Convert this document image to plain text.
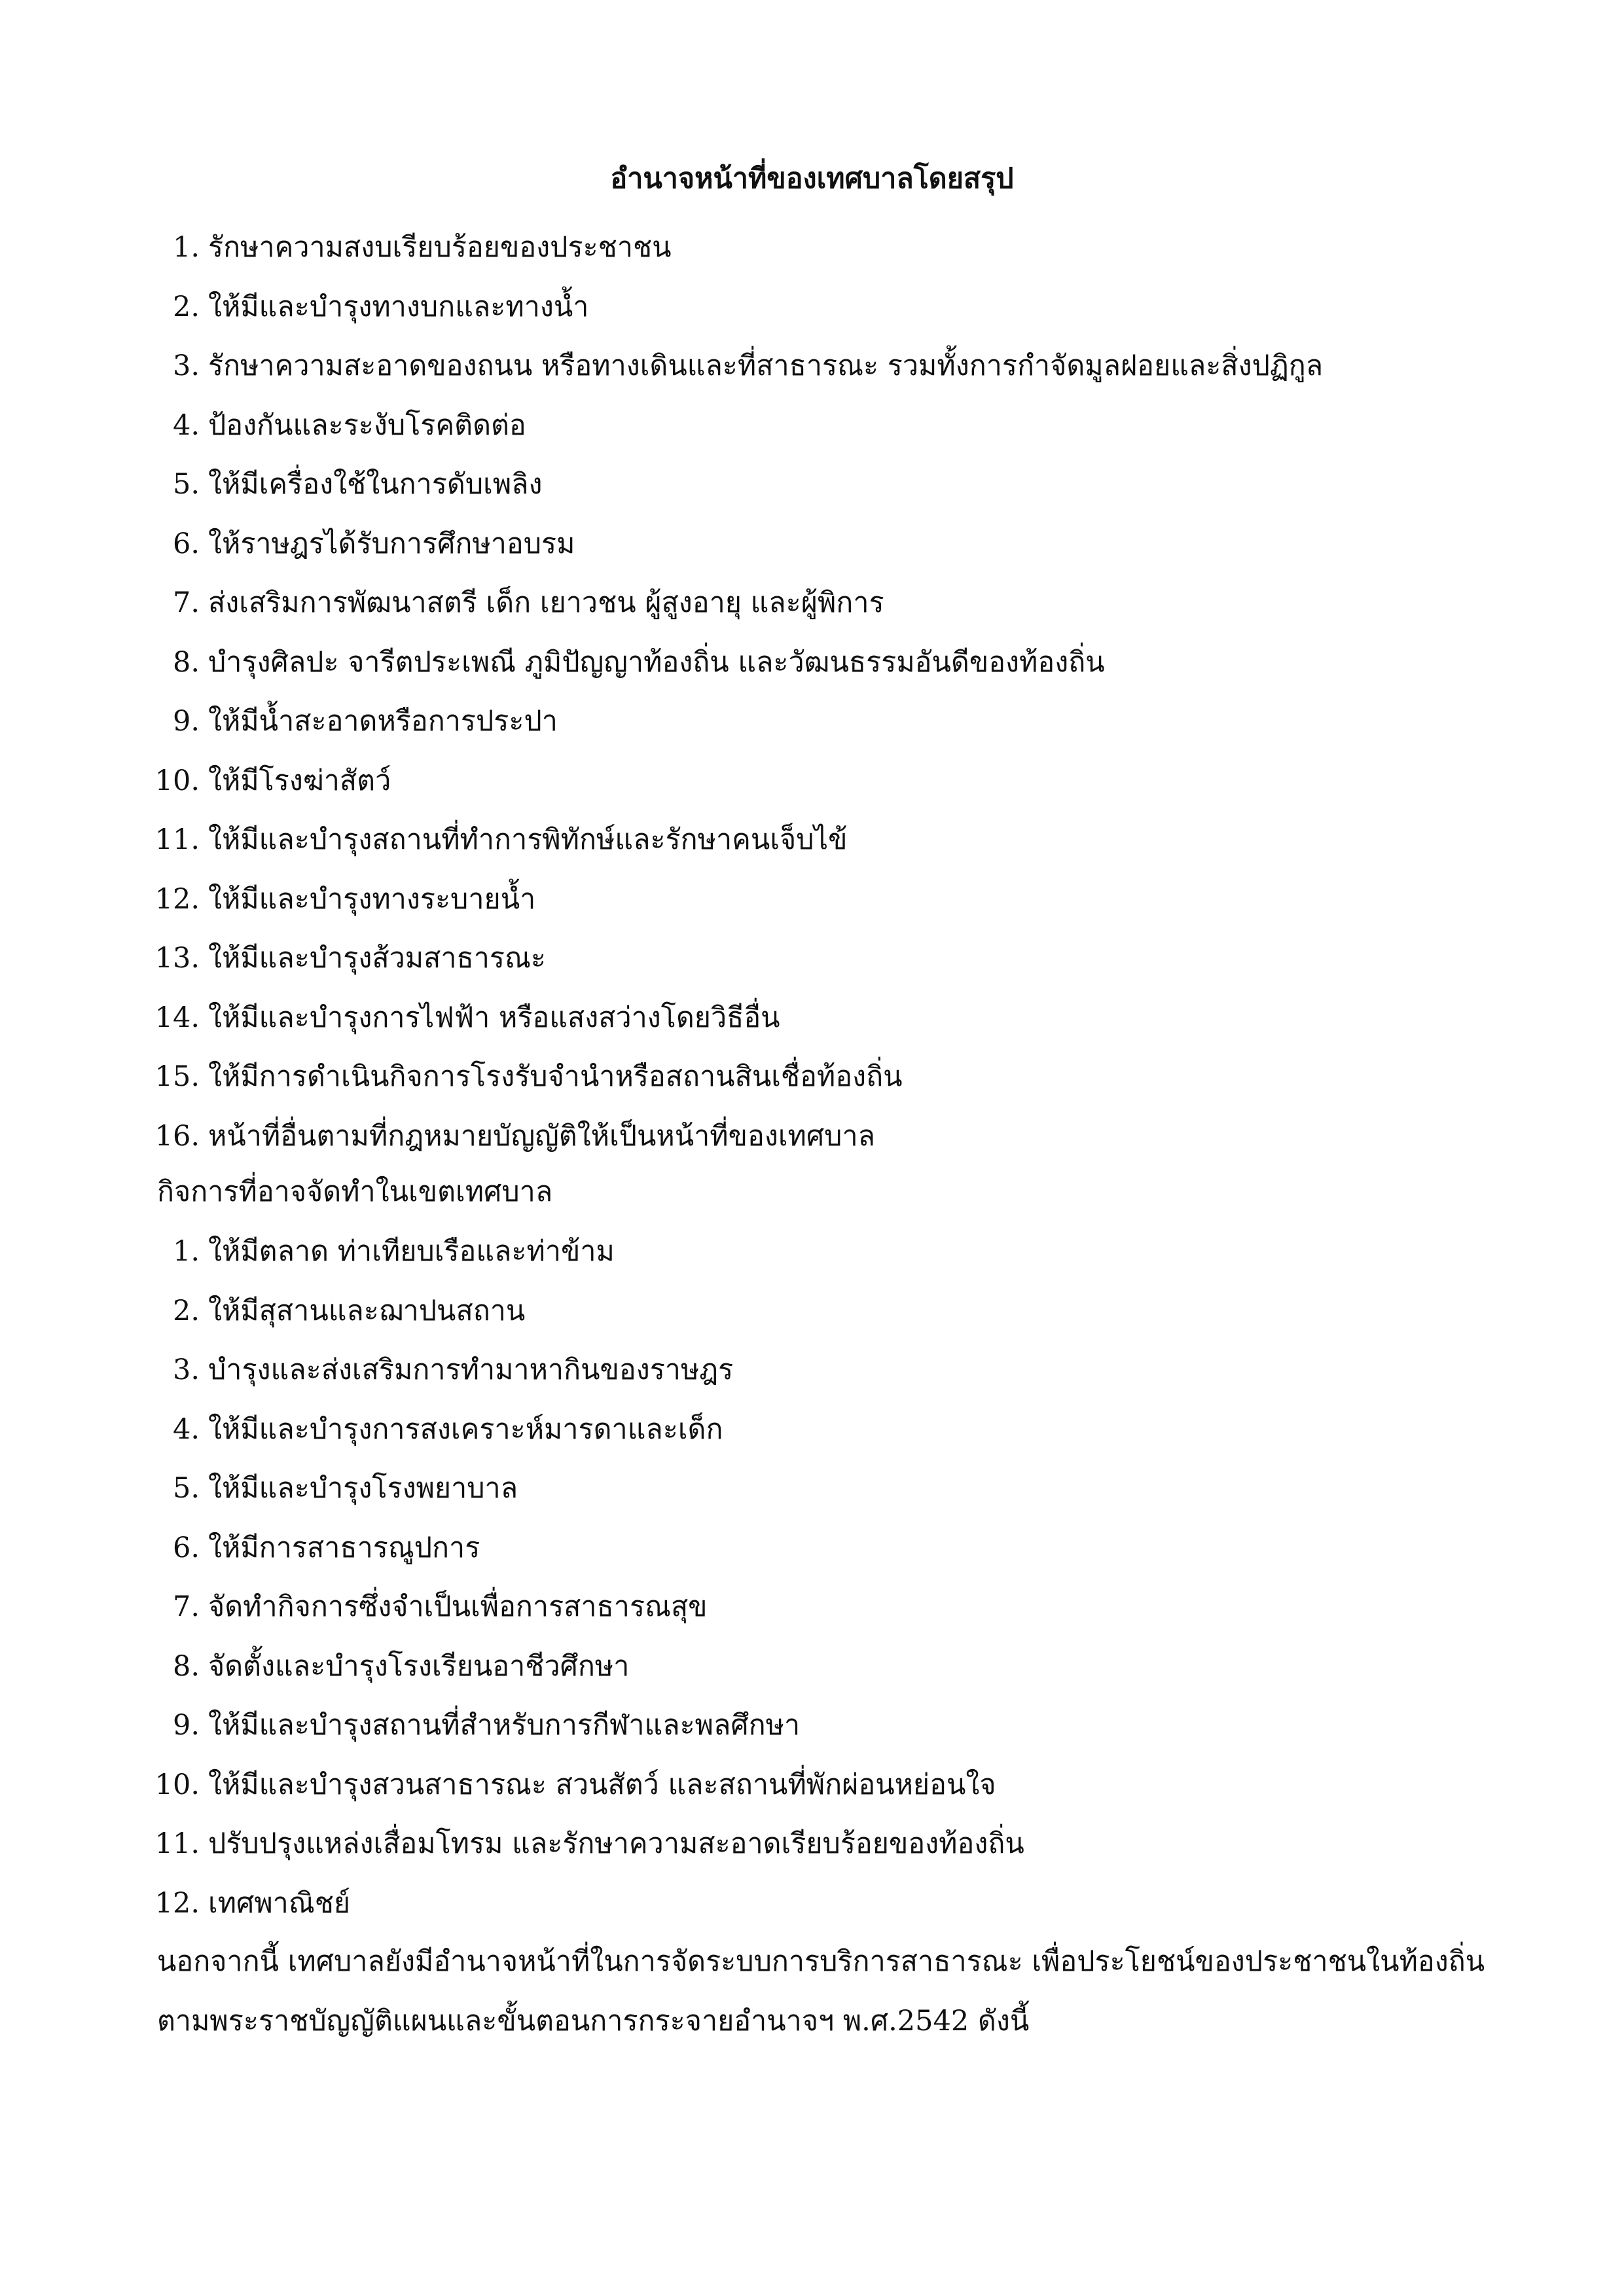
อำนาจหน้าที่ของเทศบาลโดยสรุป
1. รักษาความสงบเรียบร้อยของประชาชน
2. ให้มีและบำรุงทางบกและทางน้ำ
3. รักษาความสะอาดของถนน หรือทางเดินและที่สาธารณะ รวมทั้งการกำจัดมูลฝอยและสิ่งปฏิกูล
4. ป้องกันและระงับโรคติดต่อ
5. ให้มีเครื่องใช้ในการดับเพลิง
6. ให้ราษฎรได้รับการศึกษาอบรม
7. ส่งเสริมการพัฒนาสตรี เด็ก เยาวชน ผู้สูงอายุ และผู้พิการ
8. บำรุงศิลปะ จารีตประเพณี ภูมิปัญญาท้องถิ่น และวัฒนธรรมอันดีของท้องถิ่น
9. ให้มีน้ำสะอาดหรือการประปา
10. ให้มีโรงฆ่าสัตว์
11. ให้มีและบำรุงสถานที่ทำการพิทักษ์และรักษาคนเจ็บไข้
12. ให้มีและบำรุงทางระบายน้ำ
13. ให้มีและบำรุงส้วมสาธารณะ
14. ให้มีและบำรุงการไฟฟ้า หรือแสงสว่างโดยวิธีอื่น
15. ให้มีการดำเนินกิจการโรงรับจำนำหรือสถานสินเชื่อท้องถิ่น
16. หน้าที่อื่นตามที่กฎหมายบัญญัติให้เป็นหน้าที่ของเทศบาล

กิจการที่อาจจัดทำในเขตเทศบาล

1. ให้มีตลาด ท่าเทียบเรือและท่าข้าม
2. ให้มีสุสานและฌาปนสถาน
3. บำรุงและส่งเสริมการทำมาหากินของราษฎร
4. ให้มีและบำรุงการสงเคราะห์มารดาและเด็ก
5. ให้มีและบำรุงโรงพยาบาล
6. ให้มีการสาธารณูปการ
7. จัดทำกิจการซึ่งจำเป็นเพื่อการสาธารณสุข
8. จัดตั้งและบำรุงโรงเรียนอาชีวศึกษา
9. ให้มีและบำรุงสถานที่สำหรับการกีฬาและพลศึกษา
10. ให้มีและบำรุงสวนสาธารณะ สวนสัตว์ และสถานที่พักผ่อนหย่อนใจ
11. ปรับปรุงแหล่งเสื่อมโทรม และรักษาความสะอาดเรียบร้อยของท้องถิ่น
12. เทศพาณิชย์

นอกจากนี้ เทศบาลยังมีอำนาจหน้าที่ในการจัดระบบการบริการสาธารณะ เพื่อประโยชน์ของประชาชนในท้องถิ่น
ตามพระราชบัญญัติแผนและขั้นตอนการกระจายอำนาจฯ พ.ศ.2542 ดังนี้
